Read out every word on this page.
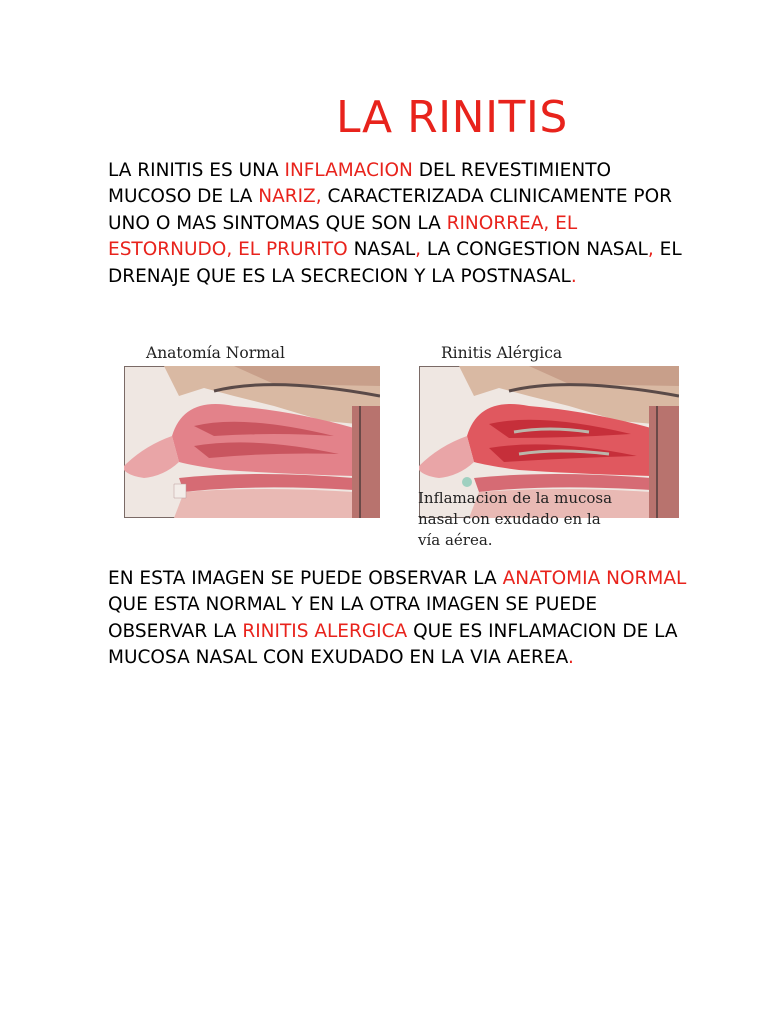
LA RINITIS

LA RINITIS ES UNA INFLAMACION DEL REVESTIMIENTO MUCOSO DE LA NARIZ, CARACTERIZADA CLINICAMENTE POR UNO O MAS SINTOMAS QUE SON LA RINORREA, EL ESTORNUDO, EL PRURITO NASAL, LA CONGESTION NASAL, EL DRENAJE QUE ES LA SECRECION Y LA POSTNASAL.

Anatomía Normal	Rinitis Alérgica
Inflamacion de la mucosa
nasal con exudado en la
vía aérea.

EN ESTA IMAGEN SE PUEDE OBSERVAR LA ANATOMIA NORMAL QUE ESTA NORMAL Y EN LA OTRA IMAGEN SE PUEDE OBSERVAR LA RINITIS ALERGICA QUE ES INFLAMACION DE LA MUCOSA NASAL CON EXUDADO EN LA VIA AEREA.
